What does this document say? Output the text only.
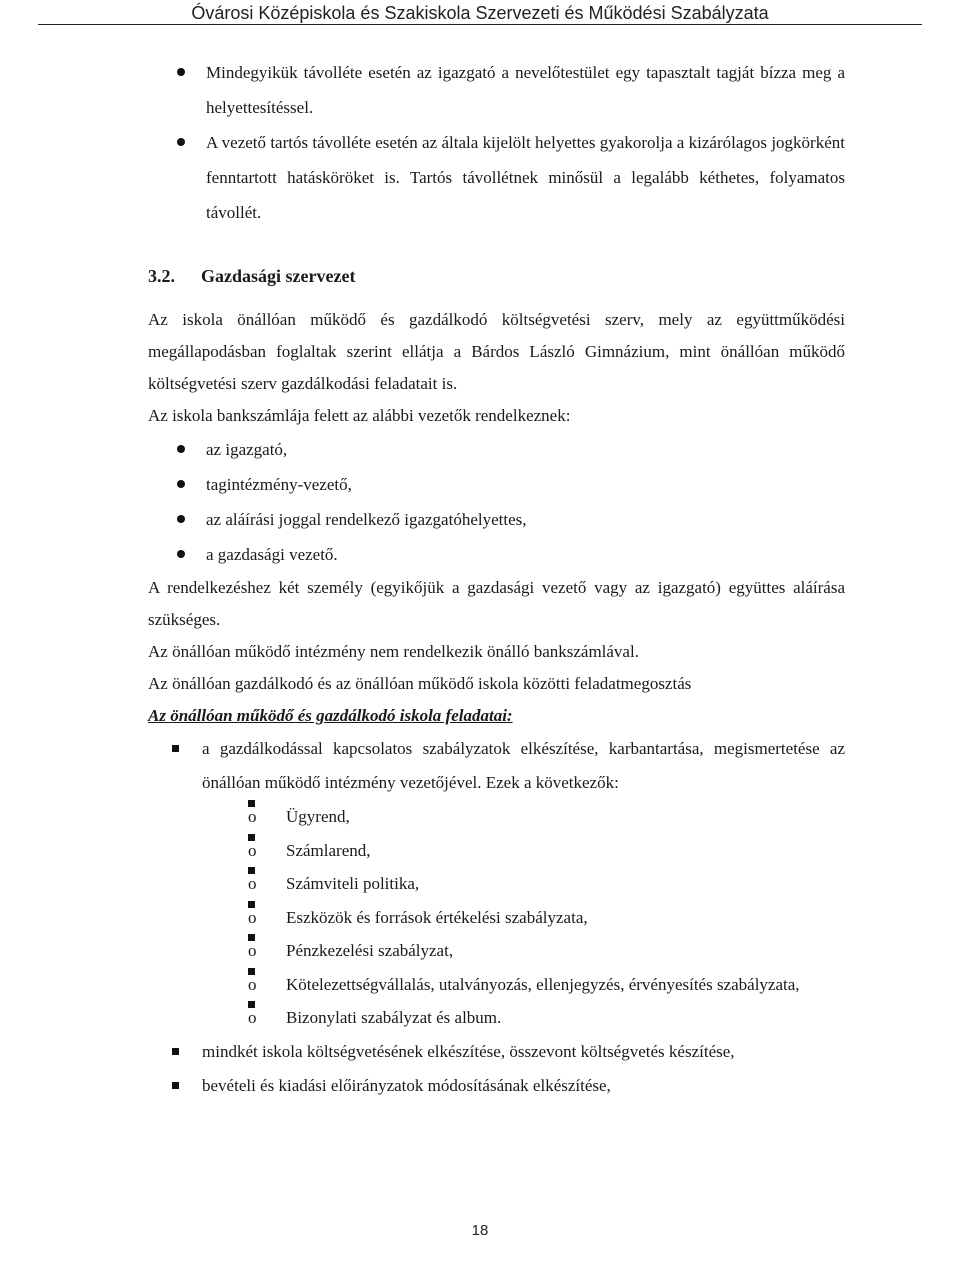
Óvárosi Középiskola és Szakiskola Szervezeti és Működési Szabályzata
Mindegyikük távolléte esetén az igazgató a nevelőtestület egy tapasztalt tagját bízza meg a helyettesítéssel.
A vezető tartós távolléte esetén az általa kijelölt helyettes gyakorolja a kizárólagos jogkörként fenntartott hatásköröket is. Tartós távollétnek minősül a legalább kéthetes, folyamatos távollét.
3.2. Gazdasági szervezet

Az iskola önállóan működő és gazdálkodó költségvetési szerv, mely az együttműködési megállapodásban foglaltak szerint ellátja a Bárdos László Gimnázium, mint önállóan működő költségvetési szerv gazdálkodási feladatait is.

Az iskola bankszámlája felett az alábbi vezetők rendelkeznek:

az igazgató,
tagintézmény-vezető,
az aláírási joggal rendelkező igazgatóhelyettes,
a gazdasági vezető.

A rendelkezéshez két személy (egyikőjük a gazdasági vezető vagy az igazgató) együttes aláírása szükséges.

Az önállóan működő intézmény nem rendelkezik önálló bankszámlával.

Az önállóan gazdálkodó és az önállóan működő iskola közötti feladatmegosztás

Az önállóan működő és gazdálkodó iskola feladatai:

a gazdálkodással kapcsolatos szabályzatok elkészítése, karbantartása, megismertetése az önállóan működő intézmény vezetőjével. Ezek a következők:
o Ügyrend,
o Számlarend,
o Számviteli politika,
o Eszközök és források értékelési szabályzata,
o Pénzkezelési szabályzat,
o Kötelezettségvállalás, utalványozás, ellenjegyzés, érvényesítés szabályzata,
o Bizonylati szabályzat és album.
mindkét iskola költségvetésének elkészítése, összevont költségvetés készítése,
bevételi és kiadási előirányzatok módosításának elkészítése,
18
